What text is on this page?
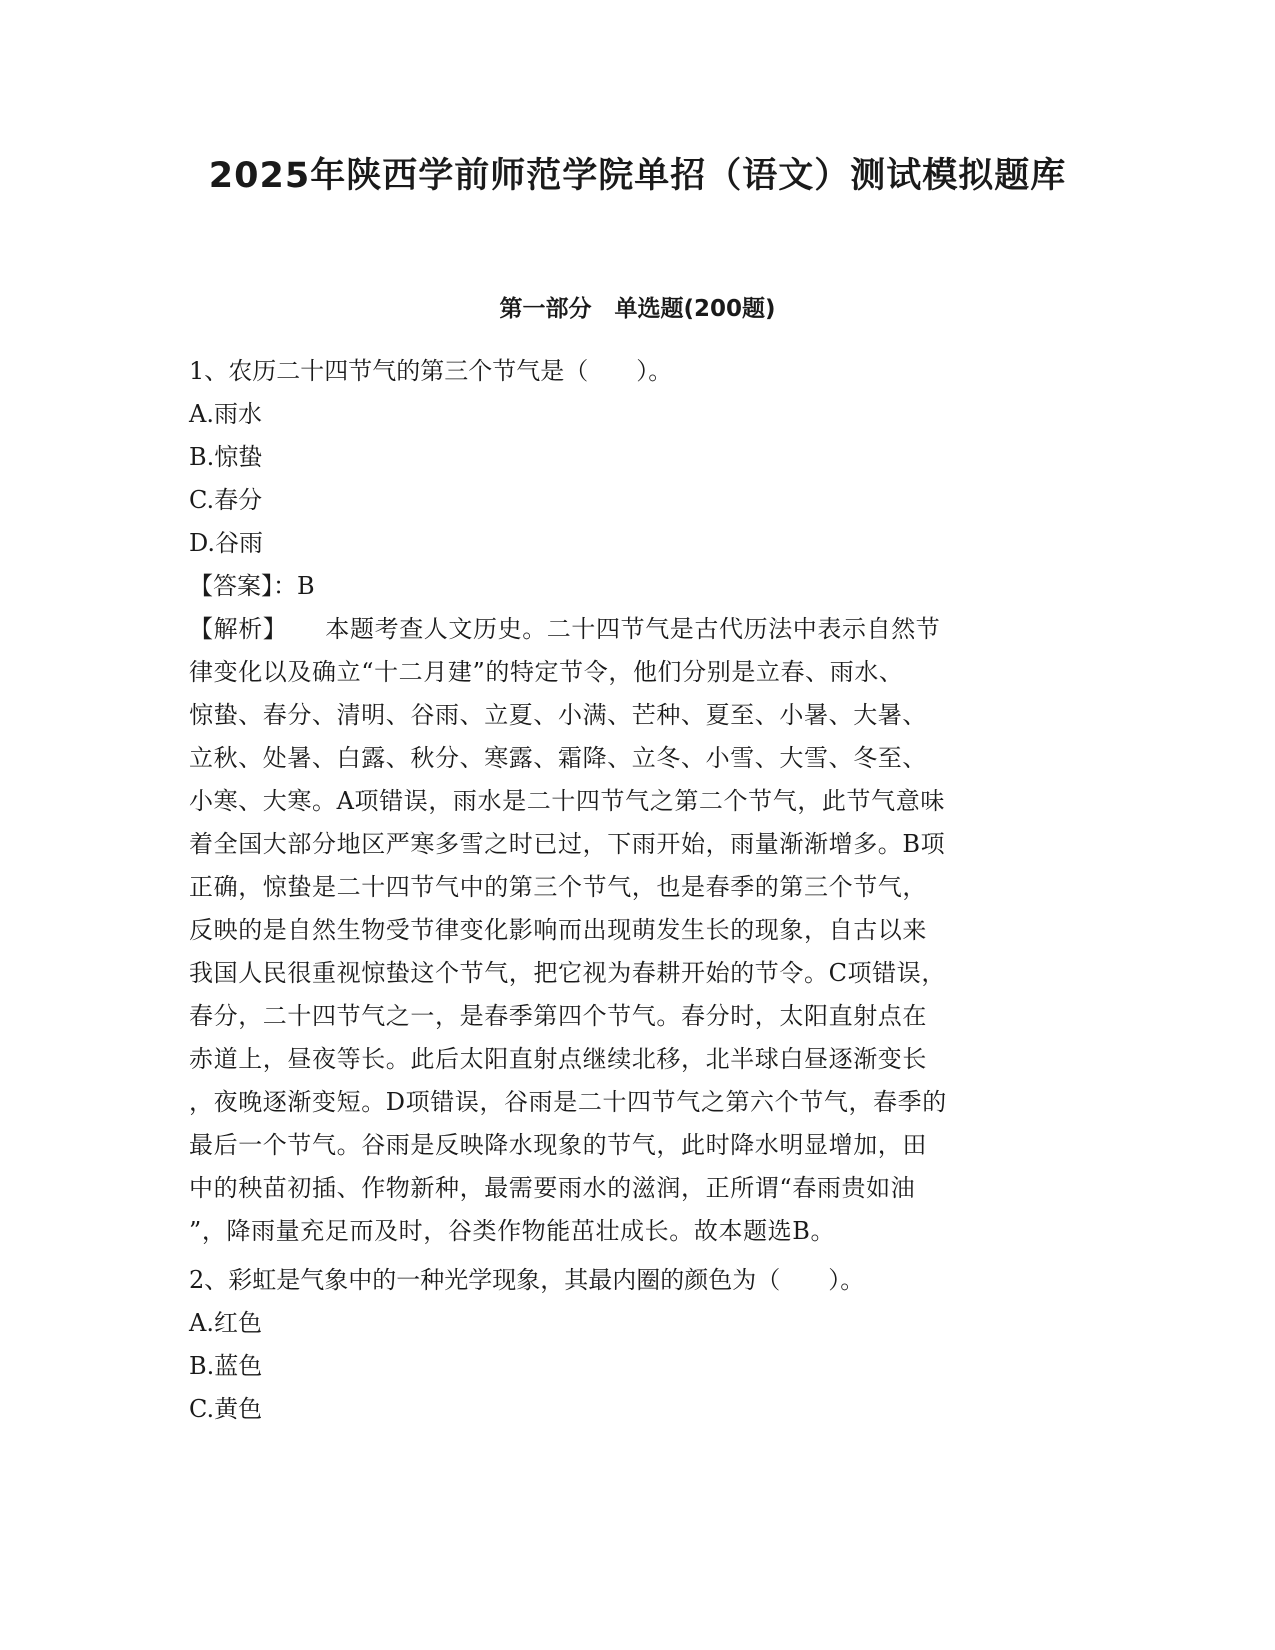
2025年陕西学前师范学院单招（语文）测试模拟题库
第一部分　单选题(200题)
1、农历二十四节气的第三个节气是（　　）。
A.雨水
B.惊蛰
C.春分
D.谷雨
【答案】：B
【解析】 本题考查人文历史。二十四节气是古代历法中表示自然节
律变化以及确立“十二月建”的特定节令，他们分别是立春、雨水、
惊蛰、春分、清明、谷雨、立夏、小满、芒种、夏至、小暑、大暑、
立秋、处暑、白露、秋分、寒露、霜降、立冬、小雪、大雪、冬至、
小寒、大寒。A项错误，雨水是二十四节气之第二个节气，此节气意味
着全国大部分地区严寒多雪之时已过，下雨开始，雨量渐渐增多。B项
正确，惊蛰是二十四节气中的第三个节气，也是春季的第三个节气，
反映的是自然生物受节律变化影响而出现萌发生长的现象，自古以来
我国人民很重视惊蛰这个节气，把它视为春耕开始的节令。C项错误，
春分，二十四节气之一，是春季第四个节气。春分时，太阳直射点在
赤道上，昼夜等长。此后太阳直射点继续北移，北半球白昼逐渐变长
，夜晚逐渐变短。D项错误，谷雨是二十四节气之第六个节气，春季的
最后一个节气。谷雨是反映降水现象的节气，此时降水明显增加，田
中的秧苗初插、作物新种，最需要雨水的滋润，正所谓“春雨贵如油
”，降雨量充足而及时，谷类作物能茁壮成长。故本题选B。
2、彩虹是气象中的一种光学现象，其最内圈的颜色为（　　）。
A.红色
B.蓝色
C.黄色
